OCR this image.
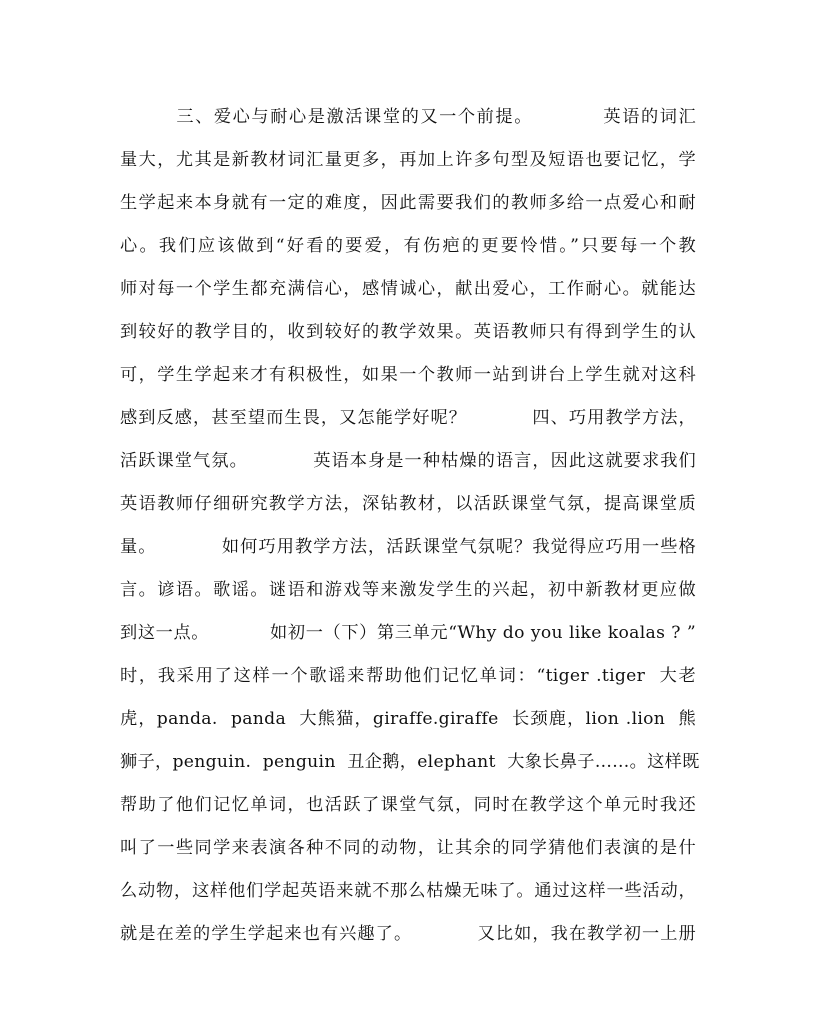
三、爱心与耐心是激活课堂的又一个前提。          英语的词汇
量大，尤其是新教材词汇量更多，再加上许多句型及短语也要记忆，学
生学起来本身就有一定的难度，因此需要我们的教师多给一点爱心和耐
心。我们应该做到“好看的要爱，有伤疤的更要怜惜。”只要每一个教
师对每一个学生都充满信心，感情诚心，献出爱心，工作耐心。就能达
到较好的教学目的，收到较好的教学效果。英语教师只有得到学生的认
可，学生学起来才有积极性，如果一个教师一站到讲台上学生就对这科
感到反感，甚至望而生畏，又怎能学好呢？          四、巧用教学方法，
活跃课堂气氛。          英语本身是一种枯燥的语言，因此这就要求我们
英语教师仔细研究教学方法，深钻教材，以活跃课堂气氛，提高课堂质
量。          如何巧用教学方法，活跃课堂气氛呢？我觉得应巧用一些格
言。谚语。歌谣。谜语和游戏等来激发学生的兴起，初中新教材更应做
到这一点。          如初一（下）第三单元“Why do you like koalas ? ”
时，我采用了这样一个歌谣来帮助他们记忆单词：“tiger .tiger  大老
虎，panda.  panda  大熊猫，giraffe.giraffe  长颈鹿，lion .lion  熊
狮子，penguin.  penguin  丑企鹅，elephant  大象长鼻子……。这样既
帮助了他们记忆单词，也活跃了课堂气氛，同时在教学这个单元时我还
叫了一些同学来表演各种不同的动物，让其余的同学猜他们表演的是什
么动物，这样他们学起英语来就不那么枯燥无味了。通过这样一些活动，
就是在差的学生学起来也有兴趣了。          又比如，我在教学初一上册
